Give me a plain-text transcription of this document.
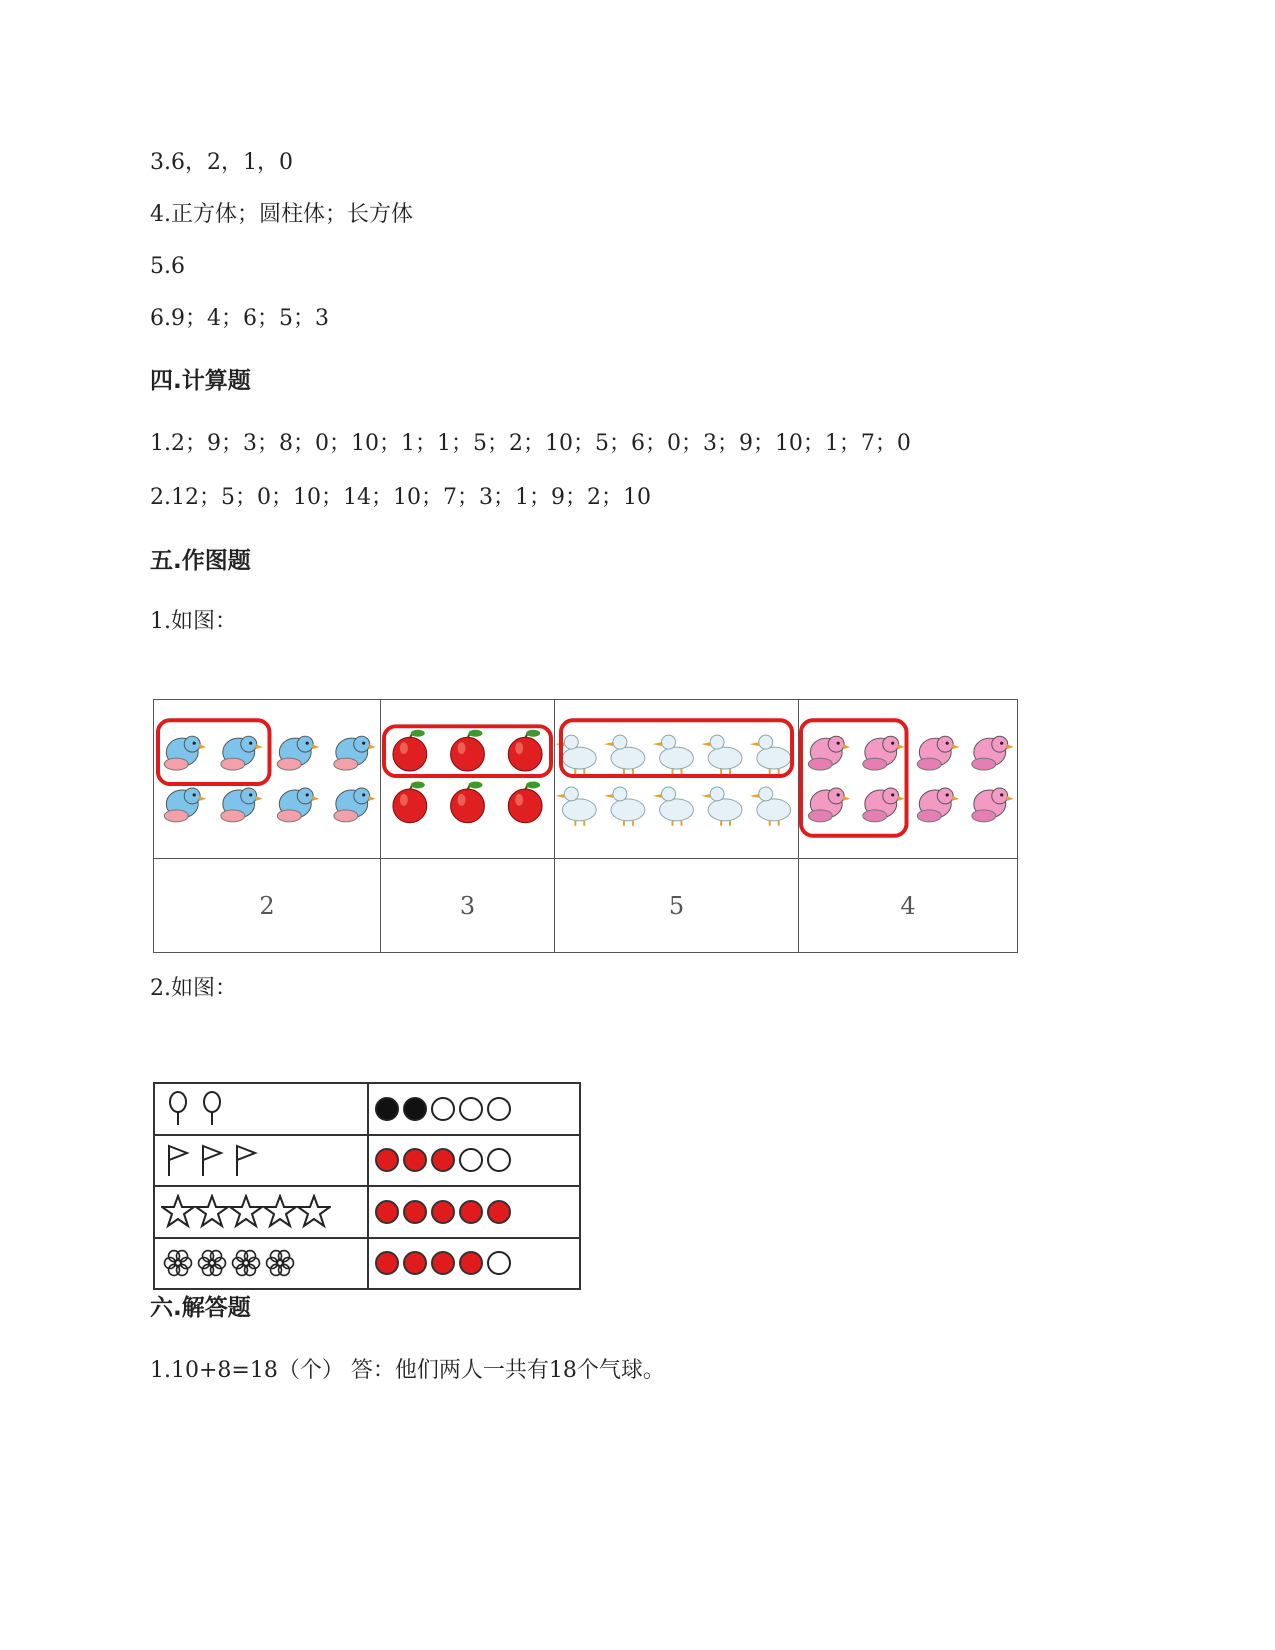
3.6，2，1，0
4.正方体；圆柱体；长方体
5.6
6.9；4；6；5；3
四.计算题
1.2；9；3；8；0；10；1；1；5；2；10；5；6；0；3；9；10；1；7；0
2.12；5；0；10；14；10；7；3；1；9；2；10
五.作图题
1.如图：

2	3	5	4
2.如图：

六.解答题
1.10+8=18（个） 答：他们两人一共有18个气球。
